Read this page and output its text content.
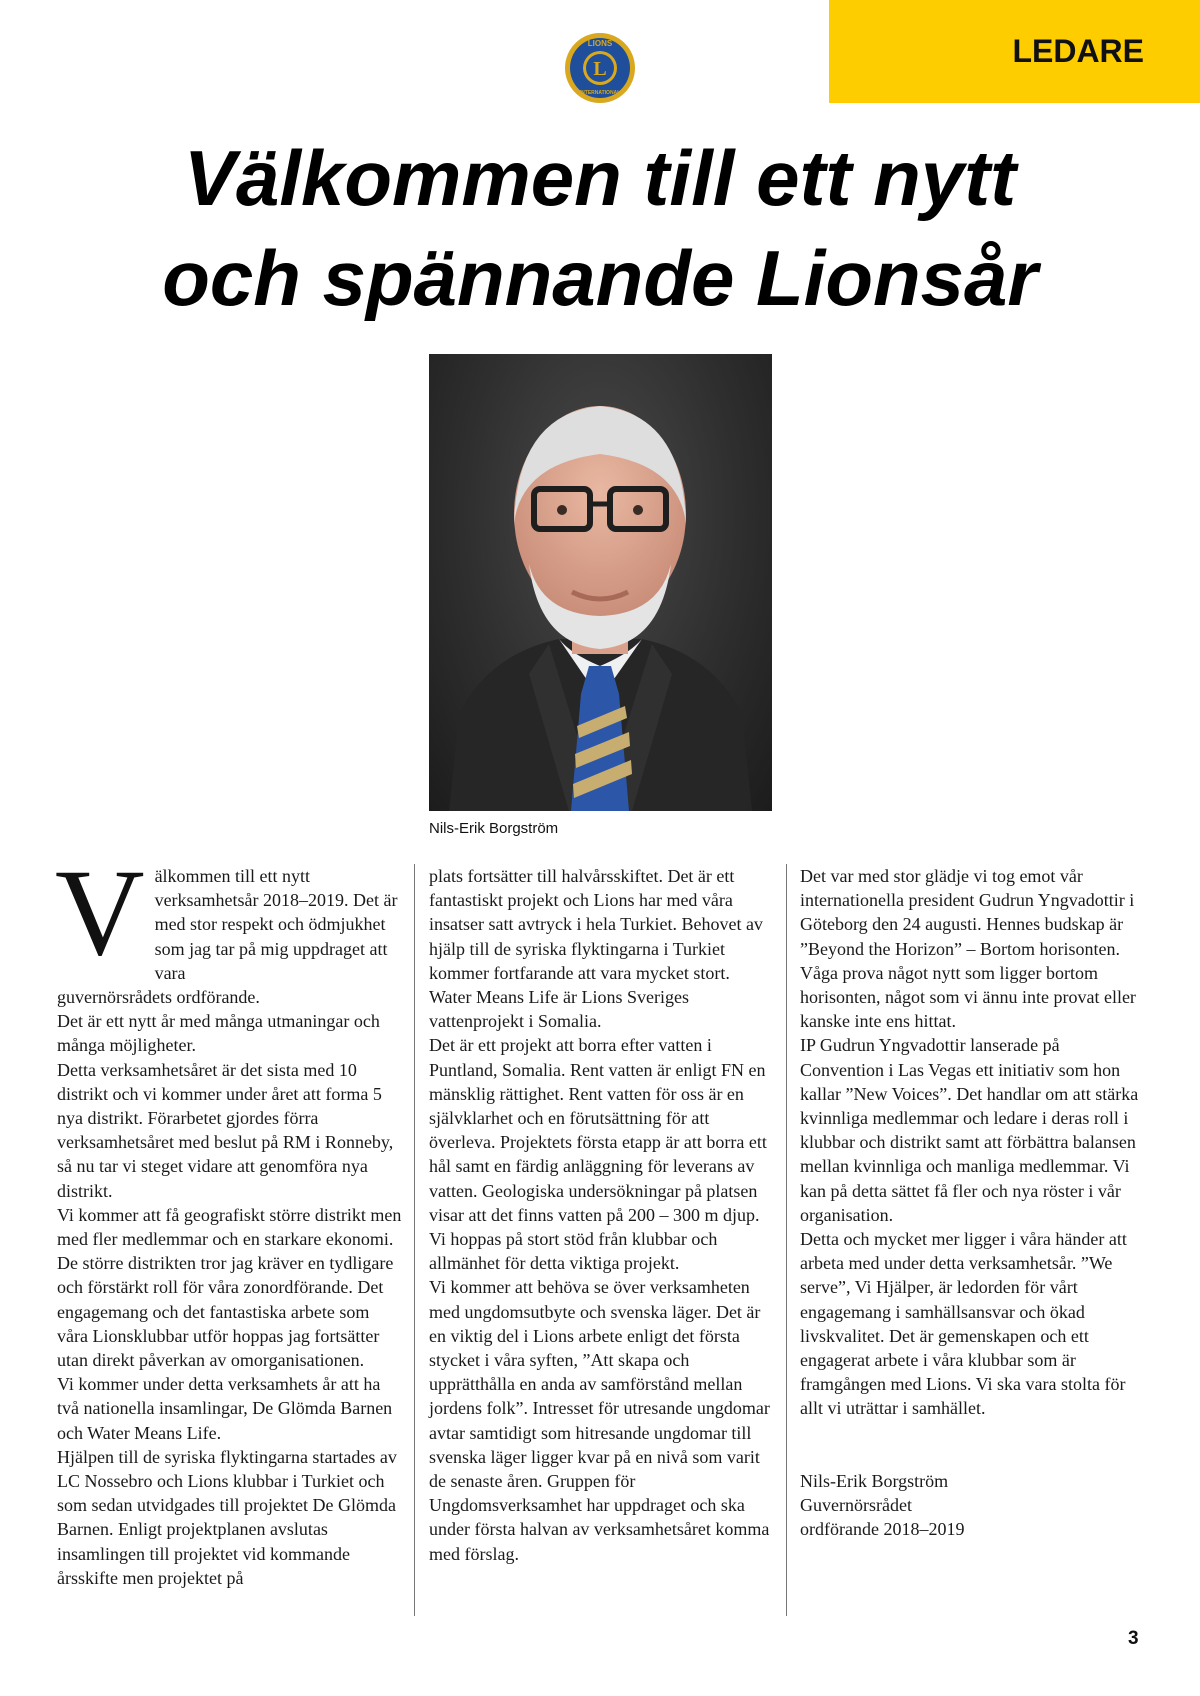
LEDARE
LIONS
INTERNATIONAL
L
Välkommen till ett nytt
och spännande Lionsår
Nils-Erik Borgström
V älkommen till ett nytt verksamhetsår 2018–2019. Det är med stor respekt och ödmjukhet som jag tar på mig uppdraget att vara

guvernörsrådets ordförande.

Det är ett nytt år med många utmaningar och många möjligheter.

Detta verksamhetsåret är det sista med 10 distrikt och vi kommer under året att forma 5 nya distrikt. Förarbetet gjordes förra verksamhetsåret med beslut på RM i Ronneby, så nu tar vi steget vidare att genomföra nya distrikt.

Vi kommer att få geografiskt större distrikt men med fler medlemmar och en starkare ekonomi. De större distrikten tror jag kräver en tydligare och förstärkt roll för våra zonordförande. Det engagemang och det fantastiska arbete som våra Lionsklubbar utför hoppas jag fortsätter utan direkt påverkan av omorganisationen.

Vi kommer under detta verksamhets år att ha två nationella insamlingar, De Glömda Barnen och Water Means Life.

Hjälpen till de syriska flyktingarna startades av LC Nossebro och Lions klubbar i Turkiet och som sedan utvidgades till projektet De Glömda Barnen. Enligt projektplanen avslutas insamlingen till projektet vid kommande årsskifte men projektet på

plats fortsätter till halvårsskiftet. Det är ett fantastiskt projekt och Lions har med våra insatser satt avtryck i hela Turkiet. Behovet av hjälp till de syriska flyktingarna i Turkiet kommer fortfarande att vara mycket stort.

Water Means Life är Lions Sveriges vattenprojekt i Somalia.

Det är ett projekt att borra efter vatten i Puntland, Somalia. Rent vatten är enligt FN en mänsklig rättighet. Rent vatten för oss är en självklarhet och en förutsättning för att överleva. Projektets första etapp är att borra ett hål samt en färdig anläggning för leverans av vatten. Geologiska undersökningar på platsen visar att det finns vatten på 200 – 300 m djup. Vi hoppas på stort stöd från klubbar och allmänhet för detta viktiga projekt.

Vi kommer att behöva se över verksamheten med ungdomsutbyte och svenska läger. Det är en viktig del i Lions arbete enligt det första stycket i våra syften, ”Att skapa och upprätthålla en anda av samförstånd mellan jordens folk”. Intresset för utresande ungdomar avtar samtidigt som hitresande ungdomar till svenska läger ligger kvar på en nivå som varit de senaste åren. Gruppen för Ungdomsverksamhet har uppdraget och ska under första halvan av verksamhetsåret komma med förslag.

Det var med stor glädje vi tog emot vår internationella president Gudrun Yngvadottir i Göteborg den 24 augusti. Hennes budskap är ”Beyond the Horizon” – Bortom horisonten. Våga prova något nytt som ligger bortom horisonten, något som vi ännu inte provat eller kanske inte ens hittat.

IP Gudrun Yngvadottir lanserade på Convention i Las Vegas ett initiativ som hon kallar ”New Voices”. Det handlar om att stärka kvinnliga medlemmar och ledare i deras roll i klubbar och distrikt samt att förbättra balansen mellan kvinnliga och manliga medlemmar. Vi kan på detta sättet få fler och nya röster i vår organisation.

Detta och mycket mer ligger i våra händer att arbeta med under detta verksamhetsår. ”We serve”, Vi Hjälper, är ledorden för vårt engagemang i samhällsansvar och ökad livskvalitet. Det är gemenskapen och ett engagerat arbete i våra klubbar som är framgången med Lions. Vi ska vara stolta för allt vi uträttar i samhället.

Nils-Erik Borgström

Guvernörsrådet

ordförande 2018–2019

3
